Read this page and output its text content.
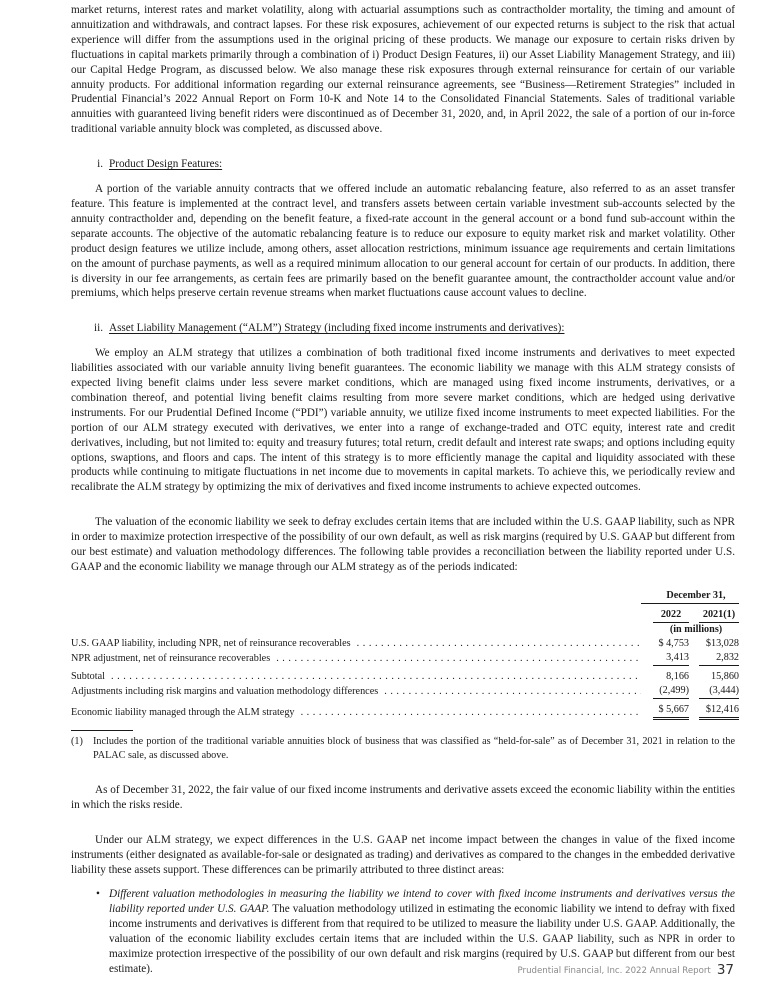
market returns, interest rates and market volatility, along with actuarial assumptions such as contractholder mortality, the timing and amount of annuitization and withdrawals, and contract lapses. For these risk exposures, achievement of our expected returns is subject to the risk that actual experience will differ from the assumptions used in the original pricing of these products. We manage our exposure to certain risks driven by fluctuations in capital markets primarily through a combination of i) Product Design Features, ii) our Asset Liability Management Strategy, and iii) our Capital Hedge Program, as discussed below. We also manage these risk exposures through external reinsurance for certain of our variable annuity products. For additional information regarding our external reinsurance agreements, see “Business—Retirement Strategies” included in Prudential Financial’s 2022 Annual Report on Form 10-K and Note 14 to the Consolidated Financial Statements. Sales of traditional variable annuities with guaranteed living benefit riders were discontinued as of December 31, 2020, and, in April 2022, the sale of a portion of our in-force traditional variable annuity block was completed, as discussed above.

i. Product Design Features:

A portion of the variable annuity contracts that we offered include an automatic rebalancing feature, also referred to as an asset transfer feature. This feature is implemented at the contract level, and transfers assets between certain variable investment sub-accounts selected by the annuity contractholder and, depending on the benefit feature, a fixed-rate account in the general account or a bond fund sub-account within the separate accounts. The objective of the automatic rebalancing feature is to reduce our exposure to equity market risk and market volatility. Other product design features we utilize include, among others, asset allocation restrictions, minimum issuance age requirements and certain limitations on the amount of purchase payments, as well as a required minimum allocation to our general account for certain of our products. In addition, there is diversity in our fee arrangements, as certain fees are primarily based on the benefit guarantee amount, the contractholder account value and/or premiums, which helps preserve certain revenue streams when market fluctuations cause account values to decline.

ii. Asset Liability Management (“ALM”) Strategy (including fixed income instruments and derivatives):

We employ an ALM strategy that utilizes a combination of both traditional fixed income instruments and derivatives to meet expected liabilities associated with our variable annuity living benefit guarantees. The economic liability we manage with this ALM strategy consists of expected living benefit claims under less severe market conditions, which are managed using fixed income instruments, derivatives, or a combination thereof, and potential living benefit claims resulting from more severe market conditions, which are hedged using derivative instruments. For our Prudential Defined Income (“PDI”) variable annuity, we utilize fixed income instruments to meet expected liabilities. For the portion of our ALM strategy executed with derivatives, we enter into a range of exchange-traded and OTC equity, interest rate and credit derivatives, including, but not limited to: equity and treasury futures; total return, credit default and interest rate swaps; and options including equity options, swaptions, and floors and caps. The intent of this strategy is to more efficiently manage the capital and liquidity associated with these products while continuing to mitigate fluctuations in net income due to movements in capital markets. To achieve this, we periodically review and recalibrate the ALM strategy by optimizing the mix of derivatives and fixed income instruments to achieve expected outcomes.

The valuation of the economic liability we seek to defray excludes certain items that are included within the U.S. GAAP liability, such as NPR in order to maximize protection irrespective of the possibility of our own default, as well as risk margins (required by U.S. GAAP but different from our best estimate) and valuation methodology differences. The following table provides a reconciliation between the liability reported under U.S. GAAP and the economic liability we manage through our ALM strategy as of the periods indicated:

	December 31,	

	2022	2021(1)
	(in millions)	

U.S. GAAP liability, including NPR, net of reinsurance recoverables . . .	$ 4,753	$13,028

NPR adjustment, net of reinsurance recoverables . . .	3,413	2,832

Subtotal . . .	8,166	15,860

Adjustments including risk margins and valuation methodology differences . . .	(2,499)	(3,444)

Economic liability managed through the ALM strategy . . .	$ 5,667	$12,416
(1) Includes the portion of the traditional variable annuities block of business that was classified as “held-for-sale” as of December 31, 2021 in relation to the PALAC sale, as discussed above.

As of December 31, 2022, the fair value of our fixed income instruments and derivative assets exceed the economic liability within the entities in which the risks reside.

Under our ALM strategy, we expect differences in the U.S. GAAP net income impact between the changes in value of the fixed income instruments (either designated as available-for-sale or designated as trading) and derivatives as compared to the changes in the embedded derivative liability these assets support. These differences can be primarily attributed to three distinct areas:

• Different valuation methodologies in measuring the liability we intend to cover with fixed income instruments and derivatives versus the liability reported under U.S. GAAP. The valuation methodology utilized in estimating the economic liability we intend to defray with fixed income instruments and derivatives is different from that required to be utilized to measure the liability under U.S. GAAP. Additionally, the valuation of the economic liability excludes certain items that are included within the U.S. GAAP liability, such as NPR in order to maximize protection irrespective of the possibility of our own default and risk margins (required by U.S. GAAP but different from our best estimate).	Prudential Financial, Inc. 2022 Annual Report 37
